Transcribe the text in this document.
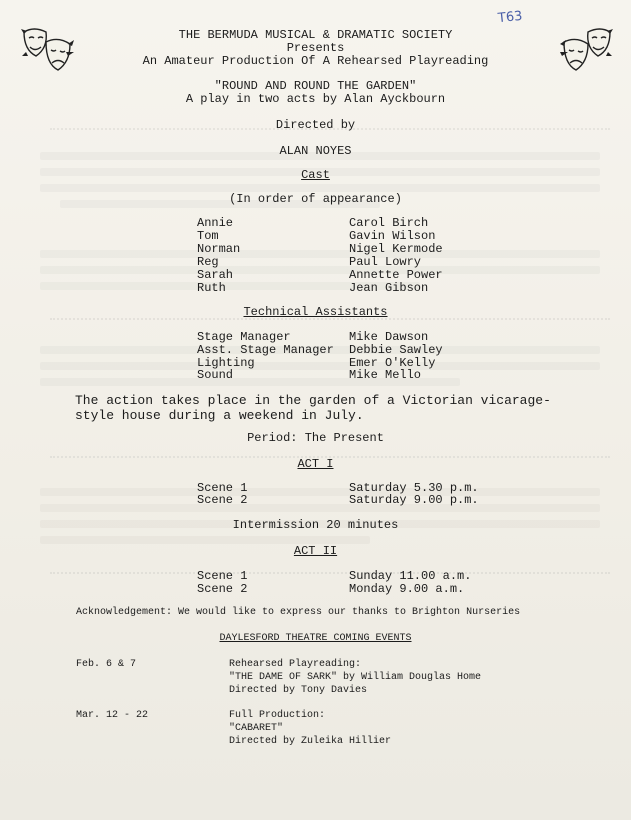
T63
THE BERMUDA MUSICAL & DRAMATIC SOCIETY
Presents
An Amateur Production Of A Rehearsed Playreading
"ROUND AND ROUND THE GARDEN"
A play in two acts by Alan Ayckbourn
Directed by
ALAN NOYES
Cast
(In order of appearance)
Annie	Carol Birch
Tom	Gavin Wilson
Norman	Nigel Kermode
Reg	Paul Lowry
Sarah	Annette Power
Ruth	Jean Gibson
Technical Assistants
Stage Manager	Mike Dawson
Asst. Stage Manager Debbie Sawley
Lighting	Emer O'Kelly
Sound	Mike Mello
The action takes place in the garden of a Victorian vicarage-
style house during a weekend in July.
Period: The Present
ACT I
Scene 1	Saturday 5.30 p.m.
Scene 2	Saturday 9.00 p.m.
Intermission 20 minutes
ACT II
Scene 1	Sunday 11.00 a.m.
Scene 2	Monday 9.00 a.m.
Acknowledgement: We would like to express our thanks to Brighton Nurseries
DAYLESFORD THEATRE COMING EVENTS
Feb. 6 & 7	Rehearsed Playreading:
"THE DAME OF SARK" by William Douglas Home
Directed by Tony Davies
Mar. 12 - 22	Full Production:
"CABARET"
Directed by Zuleika Hillier
